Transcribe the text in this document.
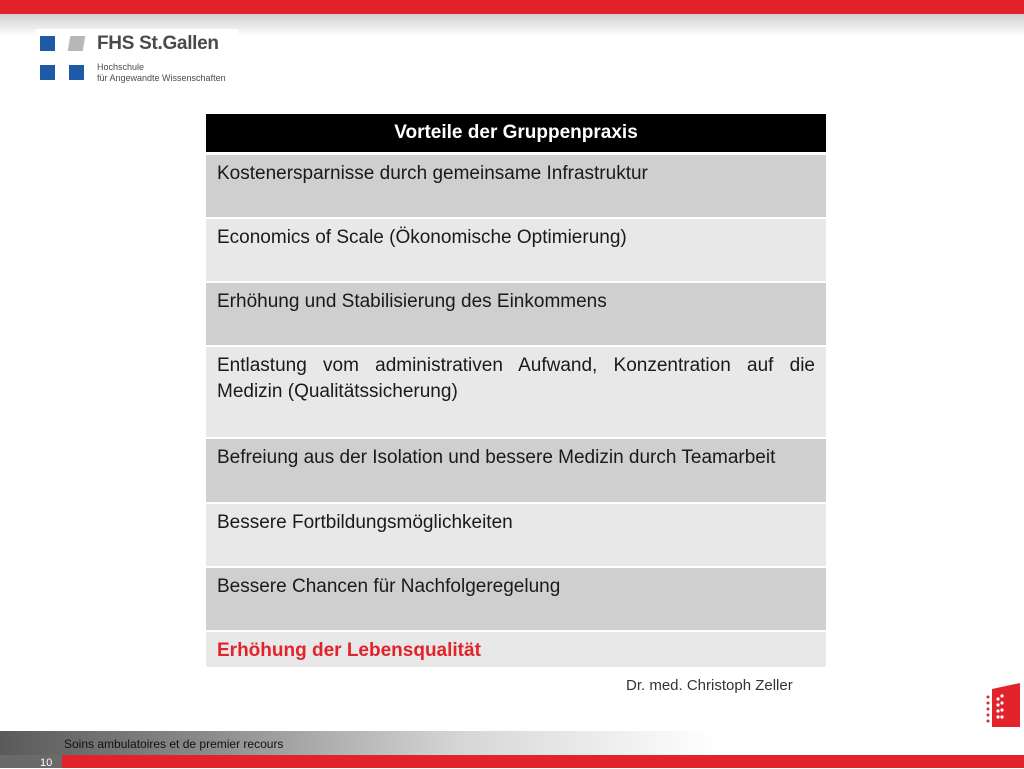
FHS St.Gallen
Hochschule
für Angewandte Wissenschaften
Vorteile der Gruppenpraxis
Kostenersparnisse durch gemeinsame Infrastruktur
Economics of Scale (Ökonomische Optimierung)
Erhöhung und Stabilisierung des Einkommens
Entlastung vom administrativen Aufwand, Konzentration auf die Medizin (Qualitätssicherung)
Befreiung aus der Isolation und bessere Medizin durch Teamarbeit
Bessere Fortbildungsmöglichkeiten
Bessere Chancen für Nachfolgeregelung
Erhöhung der Lebensqualität
Dr. med. Christoph Zeller
Soins ambulatoires et de premier recours
10
